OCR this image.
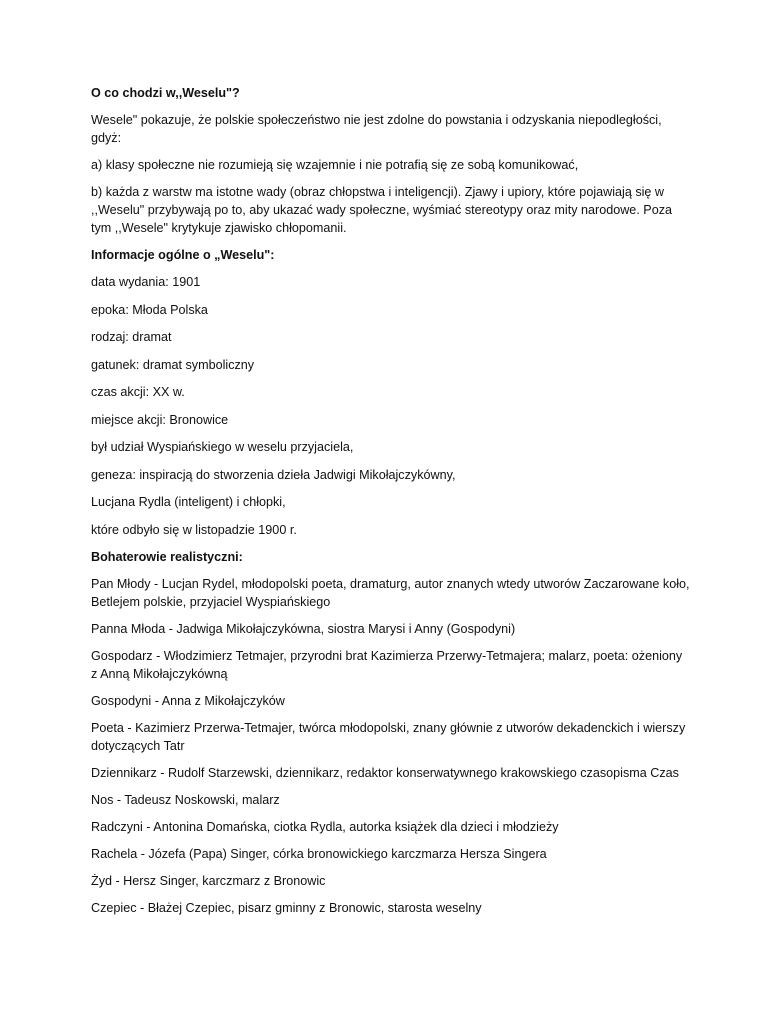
O co chodzi w,,Weselu"?

Wesele" pokazuje, że polskie społeczeństwo nie jest zdolne do powstania i odzyskania niepodległości, gdyż:

a) klasy społeczne nie rozumieją się wzajemnie i nie potrafią się ze sobą komunikować,

b) każda z warstw ma istotne wady (obraz chłopstwa i inteligencji). Zjawy i upiory, które pojawiają się w ,,Weselu" przybywają po to, aby ukazać wady społeczne, wyśmiać stereotypy oraz mity narodowe. Poza tym ,,Wesele" krytykuje zjawisko chłopomanii.

Informacje ogólne o „Weselu":

data wydania: 1901

epoka: Młoda Polska

rodzaj: dramat

gatunek: dramat symboliczny

czas akcji: XX w.

miejsce akcji: Bronowice

był udział Wyspiańskiego w weselu przyjaciela,

geneza: inspiracją do stworzenia dzieła Jadwigi Mikołajczykówny,

Lucjana Rydla (inteligent) i chłopki,

które odbyło się w listopadzie 1900 r.

Bohaterowie realistyczni:

Pan Młody - Lucjan Rydel, młodopolski poeta, dramaturg, autor znanych wtedy utworów Zaczarowane koło, Betlejem polskie, przyjaciel Wyspiańskiego

Panna Młoda - Jadwiga Mikołajczykówna, siostra Marysi i Anny (Gospodyni)

Gospodarz - Włodzimierz Tetmajer, przyrodni brat Kazimierza Przerwy-Tetmajera; malarz, poeta: ożeniony z Anną Mikołajczykówną

Gospodyni - Anna z Mikołajczyków

Poeta - Kazimierz Przerwa-Tetmajer, twórca młodopolski, znany głównie z utworów dekadenckich i wierszy dotyczących Tatr

Dziennikarz - Rudolf Starzewski, dziennikarz, redaktor konserwatywnego krakowskiego czasopisma Czas

Nos - Tadeusz Noskowski, malarz

Radczyni - Antonina Domańska, ciotka Rydla, autorka książek dla dzieci i młodzieży

Rachela - Józefa (Papa) Singer, córka bronowickiego karczmarza Hersza Singera

Żyd - Hersz Singer, karczmarz z Bronowic

Czepiec - Błażej Czepiec, pisarz gminny z Bronowic, starosta weselny
